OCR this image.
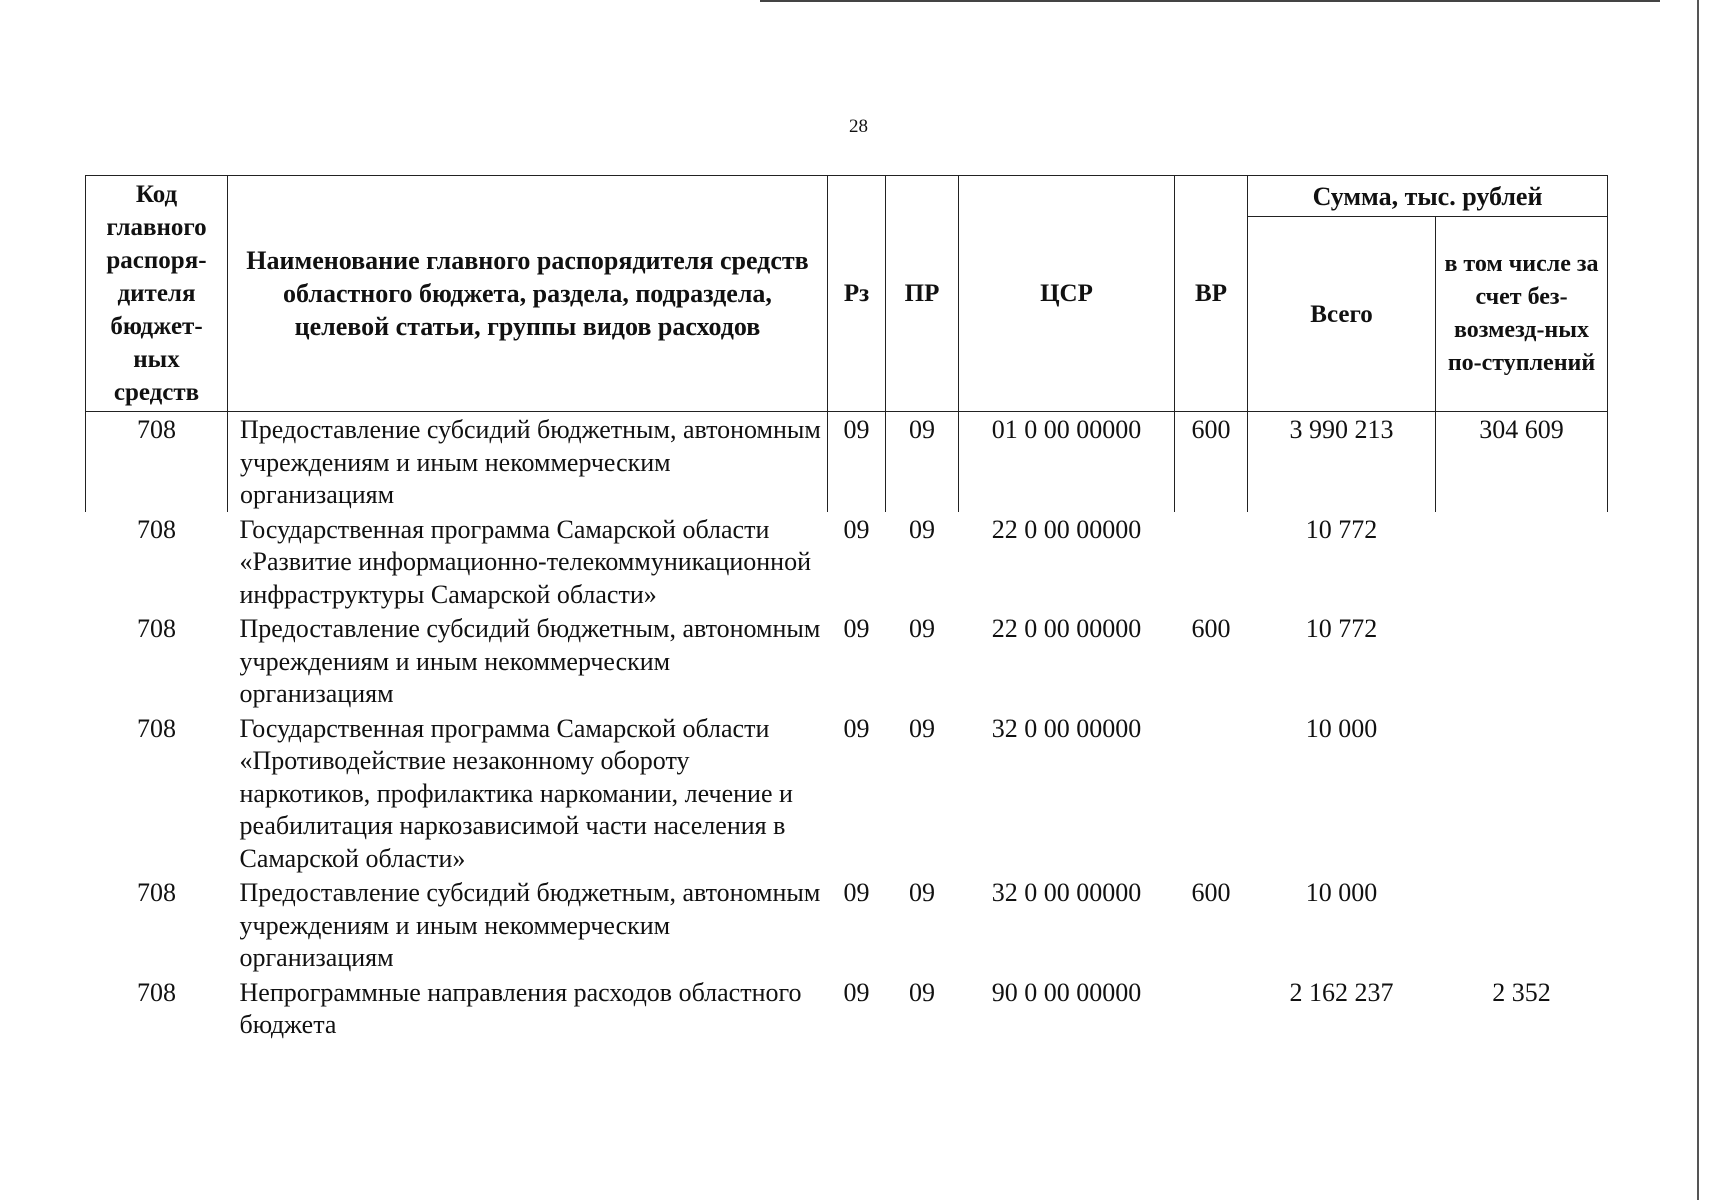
28
Код главного распоря-дителя бюджет-ных средств	Наименование главного распорядителя средств областного бюджета, раздела, подраздела, целевой статьи, группы видов расходов	Рз	ПР	ЦСР	ВР	Сумма, тыс. рублей	
						Всего	в том числе за счет без-возмезд-ных по-ступлений
708	Предоставление субсидий бюджетным, автономным учреждениям и иным некоммерческим организациям	09	09	01 0 00 00000	600	3 990 213	304 609
708	Государственная программа Самарской области «Развитие информационно-телекоммуникационной инфраструктуры Самарской области»	09	09	22 0 00 00000		10 772	
708	Предоставление субсидий бюджетным, автономным учреждениям и иным некоммерческим организациям	09	09	22 0 00 00000	600	10 772	
708	Государственная программа Самарской области «Противодействие незаконному обороту наркотиков, профилактика наркомании, лечение и реабилитация наркозависимой части населения в Самарской области»	09	09	32 0 00 00000		10 000	
708	Предоставление субсидий бюджетным, автономным учреждениям и иным некоммерческим организациям	09	09	32 0 00 00000	600	10 000	
708	Непрограммные направления расходов областного бюджета	09	09	90 0 00 00000		2 162 237	2 352
